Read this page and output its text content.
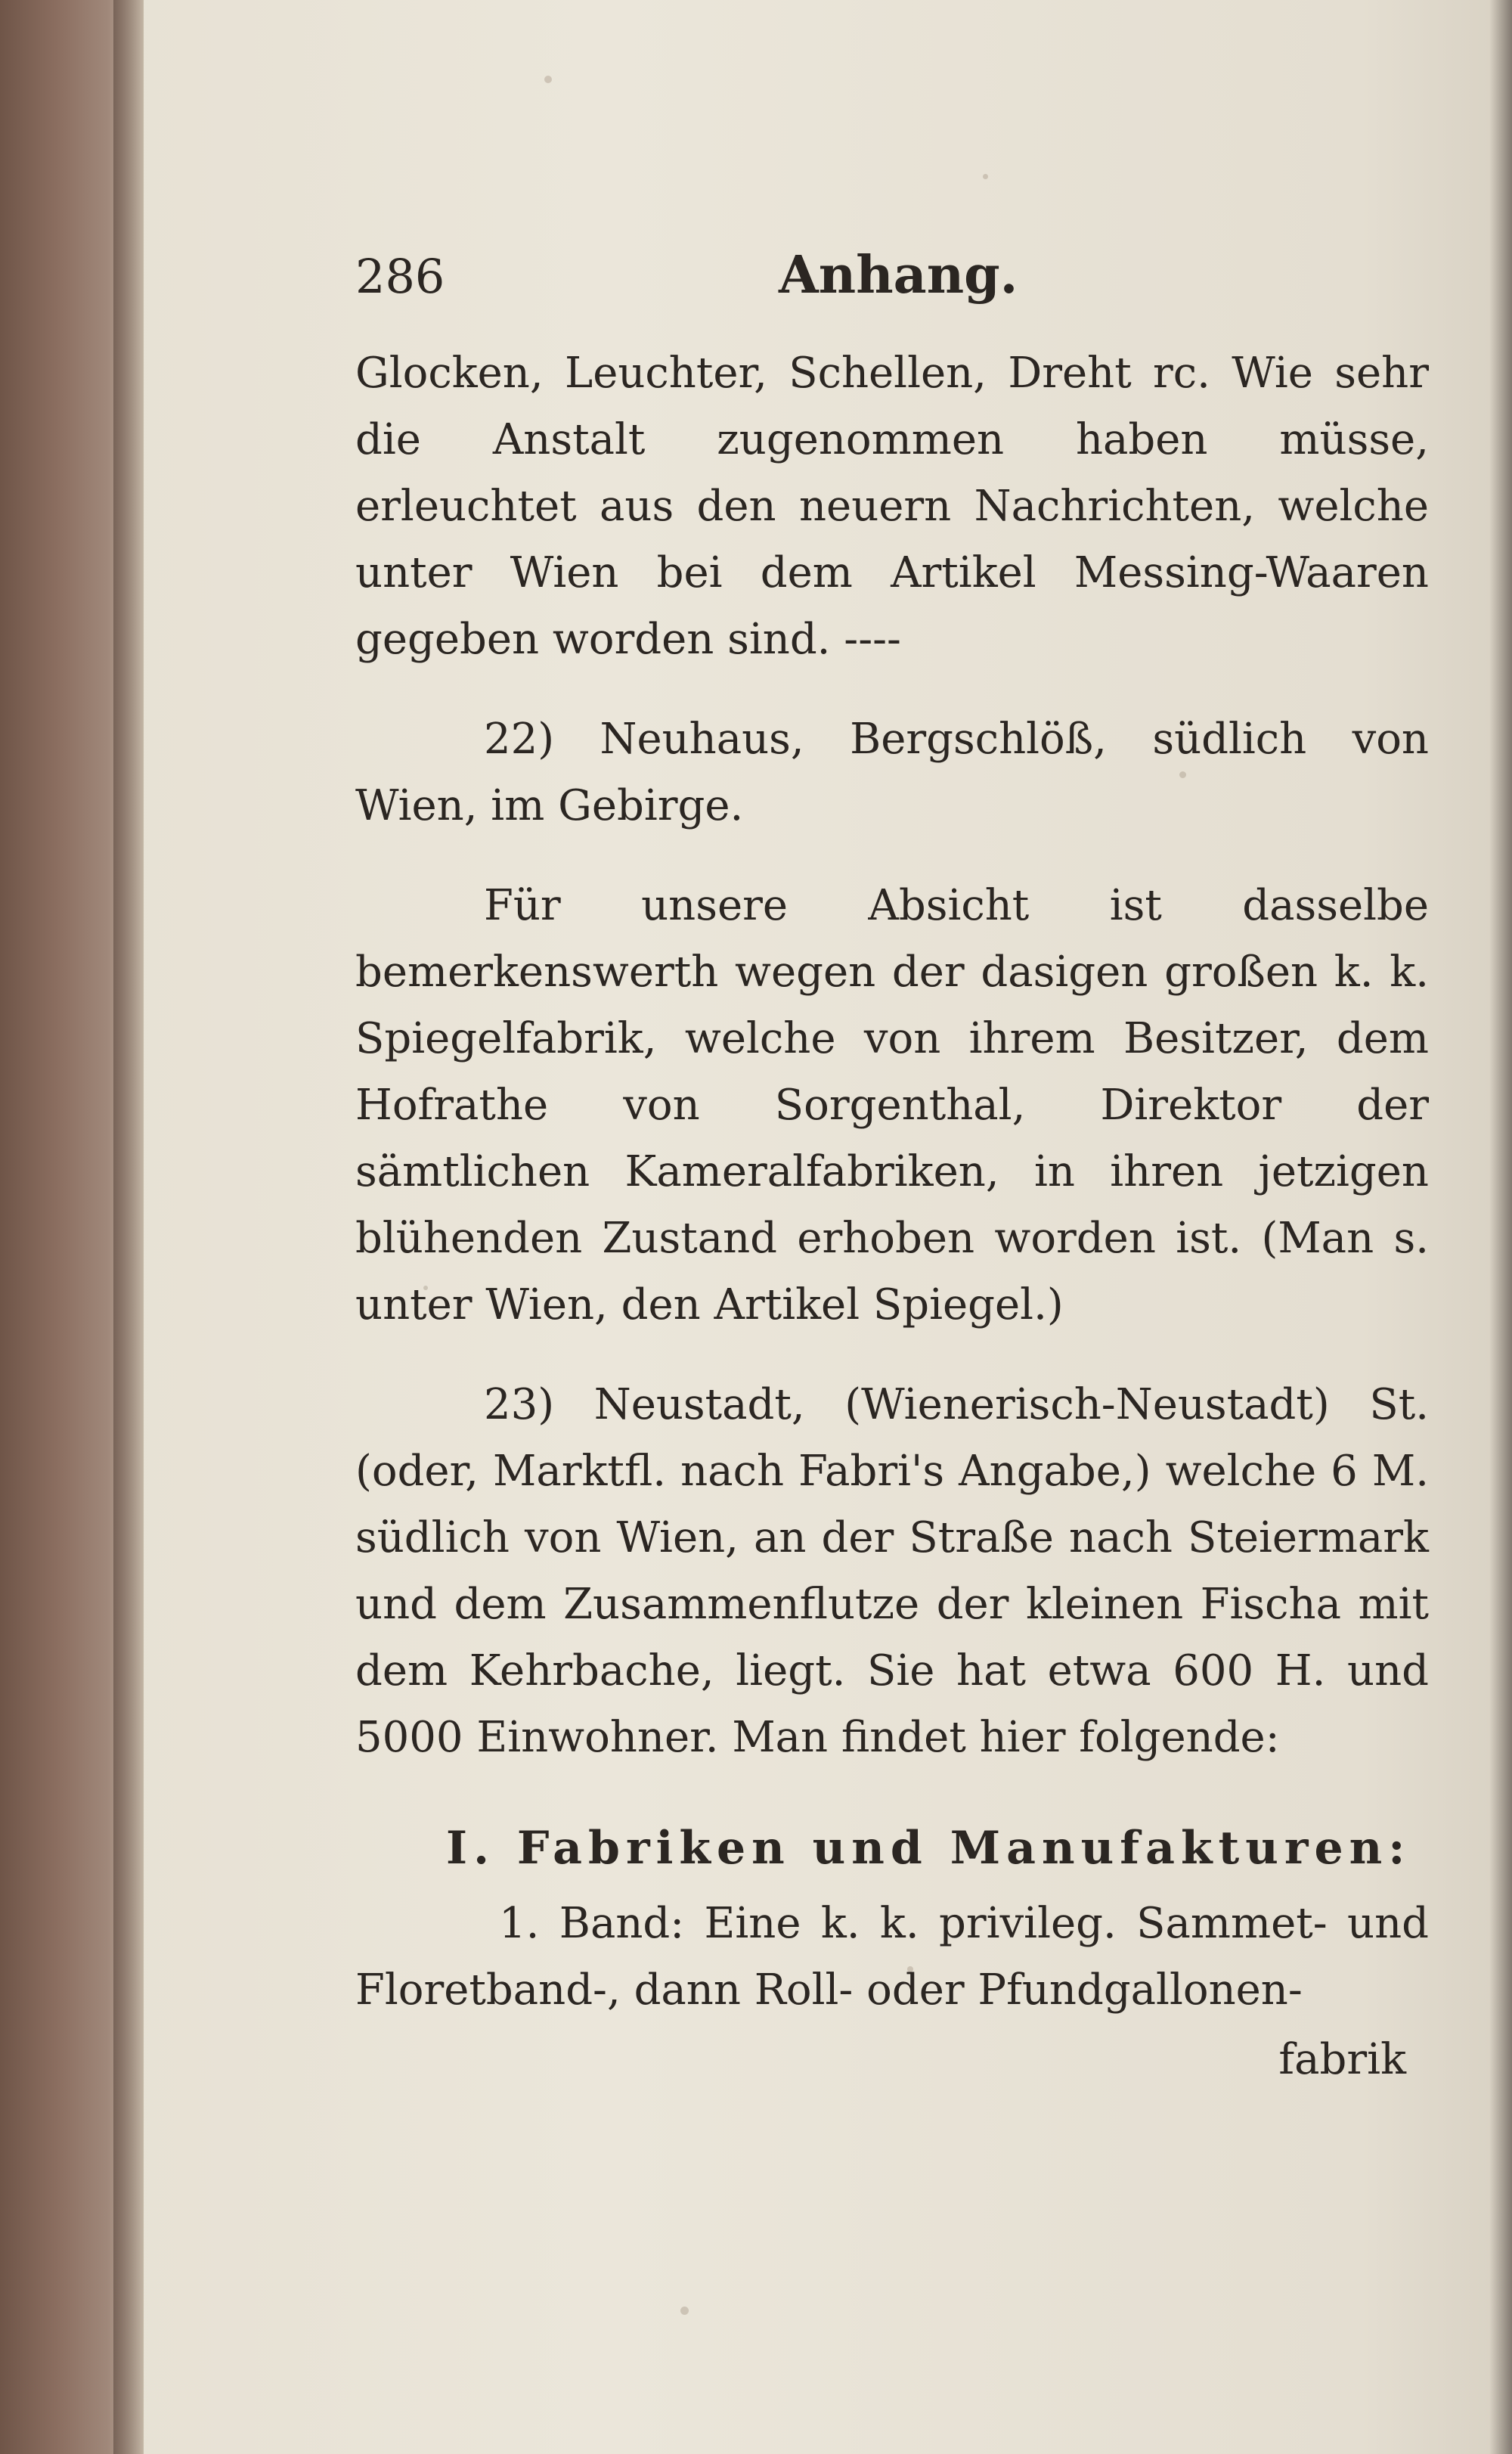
286	Anhang.

Glocken, Leuchter, Schellen, Dreht rc. Wie sehr die Anstalt zugenommen haben müsse, erleuchtet aus den neuern Nachrichten, welche unter Wien bei dem Artikel Messing-Waaren gegeben worden sind. ----

22) Neuhaus, Bergschlöß, südlich von Wien, im Gebirge.

Für unsere Absicht ist dasselbe bemerkenswerth wegen der dasigen großen k. k. Spiegelfabrik, welche von ihrem Besitzer, dem Hofrathe von Sorgenthal, Direktor der sämtlichen Kameralfabriken, in ihren jetzigen blühenden Zustand erhoben worden ist. (Man s. unter Wien, den Artikel Spiegel.)

23) Neustadt, (Wienerisch-Neustadt) St. (oder, Marktfl. nach Fabri's Angabe,) welche 6 M. südlich von Wien, an der Straße nach Steiermark und dem Zusammenflutze der kleinen Fischa mit dem Kehrbache, liegt. Sie hat etwa 600 H. und 5000 Einwohner. Man findet hier folgende:

I. Fabriken und Manufakturen:

1. Band: Eine k. k. privileg. Sammet- und Floretband-, dann Roll- oder Pfundgallonen-

fabrik
